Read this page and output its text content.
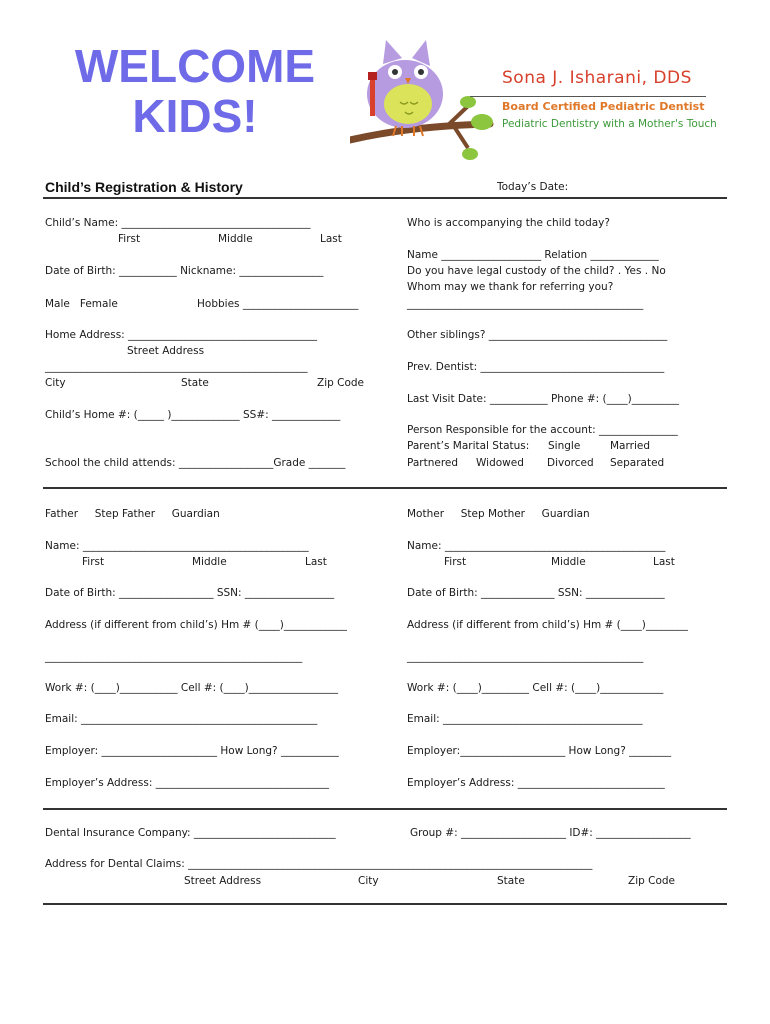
WELCOME
KIDS!
Sona J. Isharani, DDS
Board Certified Pediatric Dentist
Pediatric Dentistry with a Mother's Touch
Child’s Registration & History	Today’s Date:
Child’s Name: ____________________________________
First	Middle	Last
Date of Birth: ___________ Nickname: ________________
Male   Female	Hobbies ______________________
Home Address: ____________________________________
Street Address
__________________________________________________
City	State	Zip Code
Child’s Home #: (_____ )_____________ SS#: _____________
School the child attends: __________________Grade _______
Who is accompanying the child today?
Name ___________________ Relation _____________
Do you have legal custody of the child? . Yes . No
Whom may we thank for referring you?
_____________________________________________
Other siblings? __________________________________
Prev. Dentist: ___________________________________
Last Visit Date: ___________ Phone #: (____)_________
Person Responsible for the account: _______________
Parent’s Marital Status: Single	Married
Partnered Widowed Divorced Separated
Father     Step Father     Guardian
Name: ___________________________________________
First	Middle	Last
Date of Birth: __________________ SSN: _________________
Address (if different from child’s) Hm # (____)____________
_________________________________________________
Work #: (____)___________ Cell #: (____)_________________
Email: _____________________________________________
Employer: ______________________ How Long? ___________
Employer’s Address: _________________________________
Mother     Step Mother     Guardian
Name: __________________________________________
First	Middle	Last
Date of Birth: ______________ SSN: _______________
Address (if different from child’s) Hm # (____)________
_____________________________________________
Work #: (____)_________ Cell #: (____)____________
Email: ______________________________________
Employer:____________________ How Long? ________
Employer’s Address: ____________________________
Dental Insurance Company: ___________________________	Group #: ____________________ ID#: __________________
Address for Dental Claims: _____________________________________________________________________________
Street Address	City	State	Zip Code
